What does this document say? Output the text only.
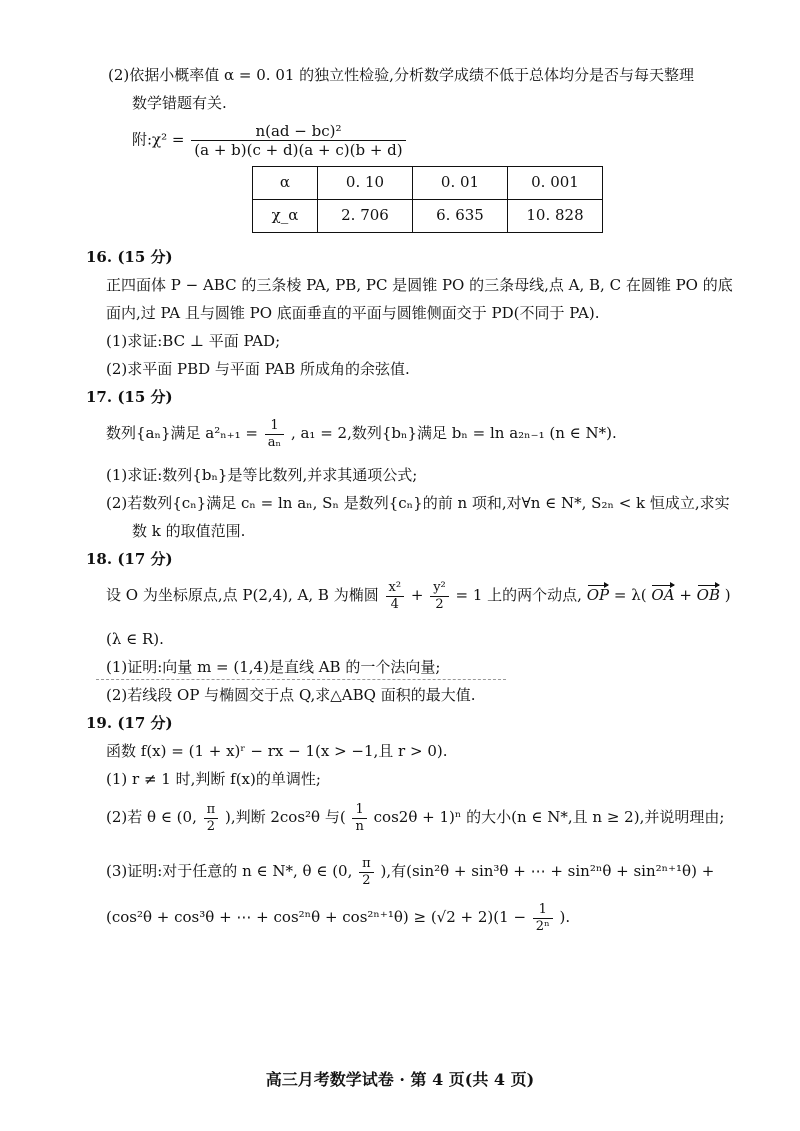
(2)依据小概率值 α = 0. 01 的独立性检验,分析数学成绩不低于总体均分是否与每天整理
数学错题有关.
附:χ² = $\frac{\text{n(ad − bc)²}}{(a + b)(c + d)(a + c)(b + d)}$
α	0. 10	0. 01	0. 001
χ_α	2. 706	6. 635	10. 828
16. (15 分)
正四面体 P − ABC 的三条棱 PA, PB, PC 是圆锥 PO 的三条母线,点 A, B, C 在圆锥 PO 的底
面内,过 PA 且与圆锥 PO 底面垂直的平面与圆锥侧面交于 PD(不同于 PA).
(1)求证:BC ⊥ 平面 PAD;
(2)求平面 PBD 与平面 PAB 所成角的余弦值.
17. (15 分)
数列{aₙ}满足 $a^2_{n+1} = \frac{1}{\text{aₙ}}$ , a₁ = 2,数列{bₙ}满足 bₙ = ln a₂ₙ₋₁ (n ∈ N*).
(1)求证:数列{bₙ}是等比数列,并求其通项公式;
(2)若数列{cₙ}满足 cₙ = ln aₙ, Sₙ 是数列{cₙ}的前 n 项和,对∀n ∈ N*, S₂ₙ < k 恒成立,求实
数 k 的取值范围.
18. (17 分)
设 O 为坐标原点,点 P(2,4), A, B 为椭圆 $\frac{\text{x²}}{4} + \frac{\text{y²}}{2} = 1$ 上的两个动点, OP = λ( OA + OB )
(λ ∈ R).
(1)证明:向量 m = (1,4)是直线 AB 的一个法向量;
(2)若线段 OP 与椭圆交于点 Q,求△ABQ 面积的最大值.
19. (17 分)
函数 f(x) = (1 + x)ʳ − rx − 1(x > −1,且 r > 0).
(1) r ≠ 1 时,判断 f(x)的单调性;
(2)若 θ ∈ (0, $\frac{\pi}{2}$ ),判断 2cos²θ 与( $\frac{1}{n} \cos 2\theta + 1)^n$ 的大小(n ∈ N*,且 n ≥ 2),并说明理由;
(3)证明:对于任意的 n ∈ N*, θ ∈ (0, $\frac{\pi}{2}$ ),有(sin²θ + sin³θ + ⋯ + sin²ⁿθ + sin²ⁿ⁺¹θ) +
(cos²θ + cos³θ + ⋯ + $\cos^{2n}\theta + \cos^{2n+1}\theta) \ge (√2 + 2)(1 - \frac{1}{\text{2ⁿ}}$ ).
高三月考数学试卷 · 第 4 页(共 4 页)
